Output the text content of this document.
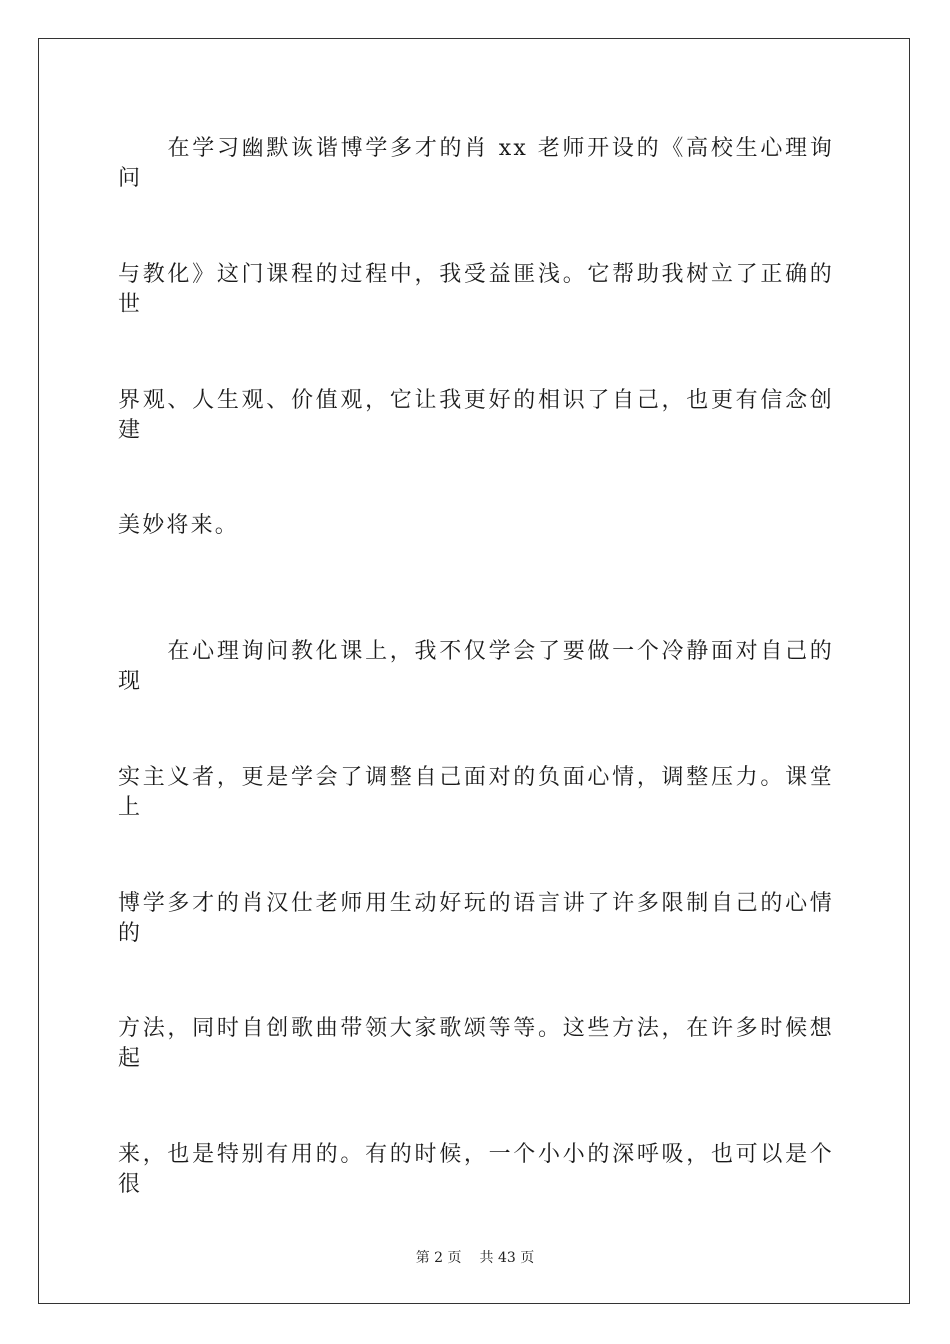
　　在学习幽默诙谐博学多才的肖 xx 老师开设的《高校生心理询问
与教化》这门课程的过程中，我受益匪浅。它帮助我树立了正确的世
界观、人生观、价值观，它让我更好的相识了自己，也更有信念创建
美妙将来。
　　在心理询问教化课上，我不仅学会了要做一个冷静面对自己的现
实主义者，更是学会了调整自己面对的负面心情，调整压力。课堂上
博学多才的肖汉仕老师用生动好玩的语言讲了许多限制自己的心情的
方法，同时自创歌曲带领大家歌颂等等。这些方法，在许多时候想起
来，也是特别有用的。有的时候，一个小小的深呼吸，也可以是个很
第 2 页 共 43 页
